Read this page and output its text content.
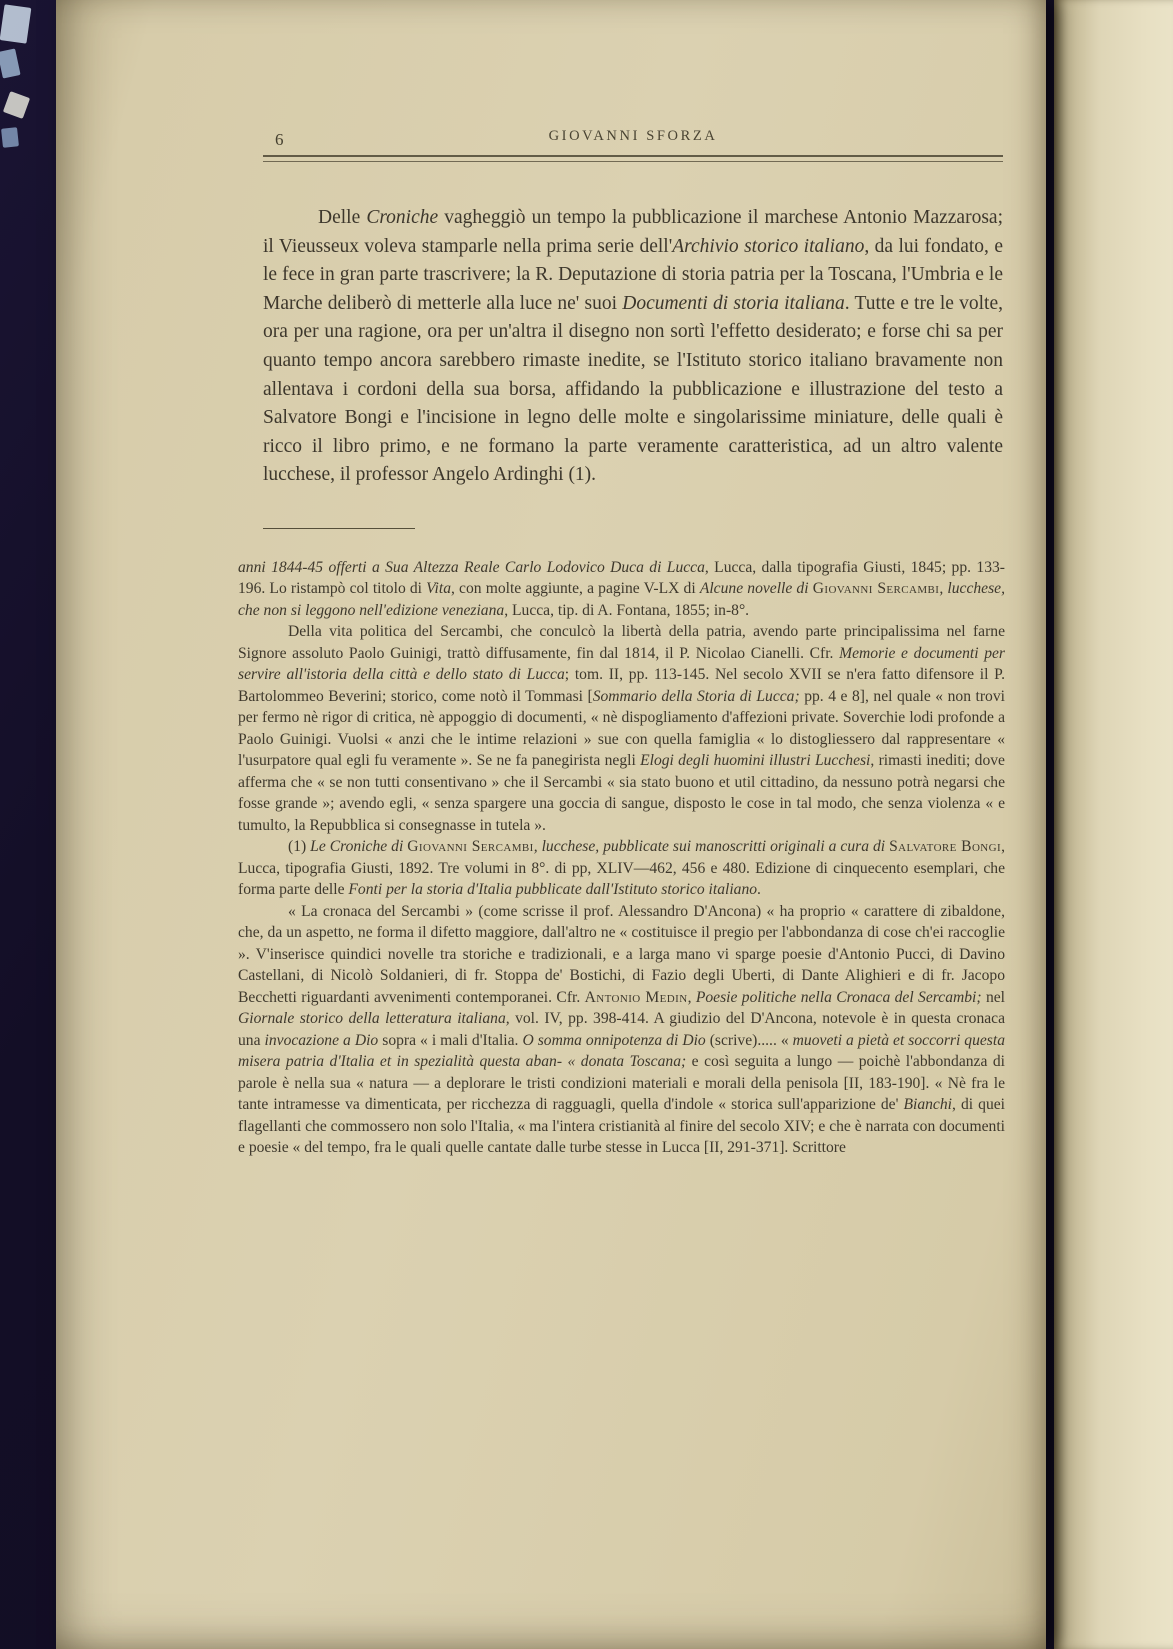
6	GIOVANNI SFORZA

Delle Croniche vagheggiò un tempo la pubblicazione il marchese Antonio Mazzarosa; il Vieusseux voleva stamparle nella prima serie dell'Archivio storico italiano, da lui fondato, e le fece in gran parte trascrivere; la R. Deputazione di storia patria per la Toscana, l'Umbria e le Marche deliberò di metterle alla luce ne' suoi Documenti di storia italiana. Tutte e tre le volte, ora per una ragione, ora per un'altra il disegno non sortì l'effetto desiderato; e forse chi sa per quanto tempo ancora sarebbero rimaste inedite, se l'Istituto storico italiano bravamente non allentava i cordoni della sua borsa, affidando la pubblicazione e illustrazione del testo a Salvatore Bongi e l'incisione in legno delle molte e singolarissime miniature, delle quali è ricco il libro primo, e ne formano la parte veramente caratteristica, ad un altro valente lucchese, il professor Angelo Ardinghi (1).

anni 1844-45 offerti a Sua Altezza Reale Carlo Lodovico Duca di Lucca, Lucca, dalla tipografia Giusti, 1845; pp. 133-196. Lo ristampò col titolo di Vita, con molte aggiunte, a pagine V-LX di Alcune novelle di Giovanni Sercambi, lucchese, che non si leggono nell'edizione veneziana, Lucca, tip. di A. Fontana, 1855; in-8°.

Della vita politica del Sercambi, che conculcò la libertà della patria, avendo parte principalissima nel farne Signore assoluto Paolo Guinigi, trattò diffusamente, fin dal 1814, il P. Nicolao Cianelli. Cfr. Memorie e documenti per servire all'istoria della città e dello stato di Lucca; tom. II, pp. 113-145. Nel secolo XVII se n'era fatto difensore il P. Bartolommeo Beverini; storico, come notò il Tommasi [Sommario della Storia di Lucca; pp. 4 e 8], nel quale « non trovi per fermo nè rigor di critica, nè appoggio di documenti, « nè dispogliamento d'affezioni private. Soverchie lodi profonde a Paolo Guinigi. Vuolsi « anzi che le intime relazioni » sue con quella famiglia « lo distogliessero dal rappresentare « l'usurpatore qual egli fu veramente ». Se ne fa panegirista negli Elogi degli huomini illustri Lucchesi, rimasti inediti; dove afferma che « se non tutti consentivano » che il Sercambi « sia stato buono et util cittadino, da nessuno potrà negarsi che fosse grande »; avendo egli, « senza spargere una goccia di sangue, disposto le cose in tal modo, che senza violenza « e tumulto, la Repubblica si consegnasse in tutela ».

(1) Le Croniche di Giovanni Sercambi, lucchese, pubblicate sui manoscritti originali a cura di Salvatore Bongi, Lucca, tipografia Giusti, 1892. Tre volumi in 8°. di pp, XLIV—462, 456 e 480. Edizione di cinquecento esemplari, che forma parte delle Fonti per la storia d'Italia pubblicate dall'Istituto storico italiano.

« La cronaca del Sercambi » (come scrisse il prof. Alessandro D'Ancona) « ha proprio « carattere di zibaldone, che, da un aspetto, ne forma il difetto maggiore, dall'altro ne « costituisce il pregio per l'abbondanza di cose ch'ei raccoglie ». V'inserisce quindici novelle tra storiche e tradizionali, e a larga mano vi sparge poesie d'Antonio Pucci, di Davino Castellani, di Nicolò Soldanieri, di fr. Stoppa de' Bostichi, di Fazio degli Uberti, di Dante Alighieri e di fr. Jacopo Becchetti riguardanti avvenimenti contemporanei. Cfr. Antonio Medin, Poesie politiche nella Cronaca del Sercambi; nel Giornale storico della letteratura italiana, vol. IV, pp. 398-414. A giudizio del D'Ancona, notevole è in questa cronaca una invocazione a Dio sopra « i mali d'Italia. O somma onnipotenza di Dio (scrive)..... « muoveti a pietà et soccorri questa misera patria d'Italia et in spezialità questa aban- « donata Toscana; e così seguita a lungo — poichè l'abbondanza di parole è nella sua « natura — a deplorare le tristi condizioni materiali e morali della penisola [II, 183-190]. « Nè fra le tante intramesse va dimenticata, per ricchezza di ragguagli, quella d'indole « storica sull'apparizione de' Bianchi, di quei flagellanti che commossero non solo l'Italia, « ma l'intera cristianità al finire del secolo XIV; e che è narrata con documenti e poesie « del tempo, fra le quali quelle cantate dalle turbe stesse in Lucca [II, 291-371]. Scrittore
